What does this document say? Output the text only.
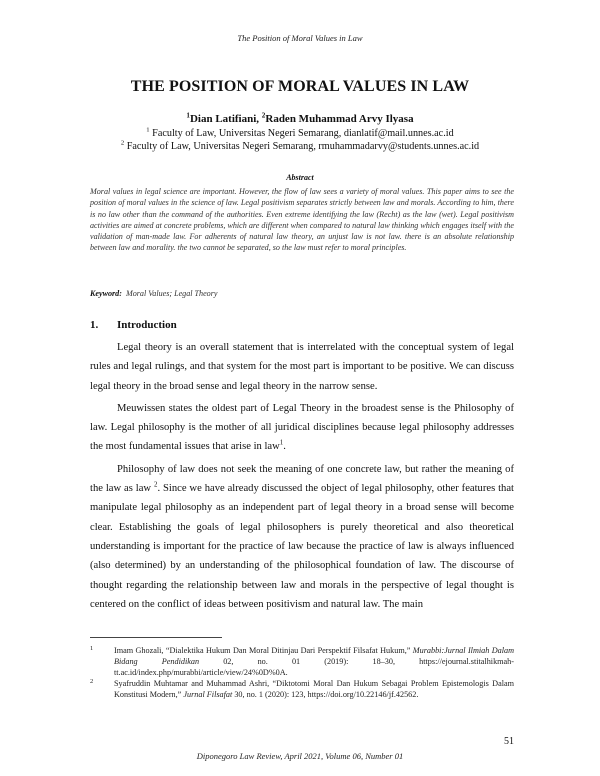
The Position of Moral Values in Law
THE POSITION OF MORAL VALUES IN LAW
$^1$Dian Latifiani, $^2$Raden Muhammad Arvy Ilyasa
$^1$ Faculty of Law, Universitas Negeri Semarang, dianlatif@mail.unnes.ac.id
$^2$ Faculty of Law, Universitas Negeri Semarang, rmuhammadarvy@students.unnes.ac.id
Abstract
Moral values in legal science are important. However, the flow of law sees a variety of moral values. This paper aims to see the position of moral values in the science of law. Legal positivism separates strictly between law and morals. According to him, there is no law other than the command of the authorities. Even extreme identifying the law (Recht) as the law (wet). Legal positivism activities are aimed at concrete problems, which are different when compared to natural law thinking which engages itself with the validation of man-made law. For adherents of natural law theory, an unjust law is not law. there is an absolute relationship between law and morality. the two cannot be separated, so the law must refer to moral principles.
Keyword: Moral Values; Legal Theory
1. Introduction

Legal theory is an overall statement that is interrelated with the conceptual system of legal rules and legal rulings, and that system for the most part is important to be positive. We can discuss legal theory in the broad sense and legal theory in the narrow sense.

Meuwissen states the oldest part of Legal Theory in the broadest sense is the Philosophy of law. Legal philosophy is the mother of all juridical disciplines because legal philosophy addresses the most fundamental issues that arise in law$^1$.

Philosophy of law does not seek the meaning of one concrete law, but rather the meaning of the law as law $^2$. Since we have already discussed the object of legal philosophy, other features that manipulate legal philosophy as an independent part of legal theory in a broad sense will become clear. Establishing the goals of legal philosophers is purely theoretical and also theoretical understanding is important for the practice of law because the practice of law is always influenced (also determined) by an understanding of the philosophical foundation of law. The discourse of thought regarding the relationship between law and morals in the perspective of legal thought is centered on the conflict of ideas between positivism and natural law. The main

1	Imam Ghozali, “Dialektika Hukum Dan Moral Ditinjau Dari Perspektif Filsafat Hukum,” Murabbi:Jurnal Ilmiah Dalam Bidang Pendidikan 02, no. 01 (2019): 18–30, https://ejournal.stitalhikmah-tt.ac.id/index.php/murabbi/article/view/24%0D%0A.
2	Syafruddin Muhtamar and Muhammad Ashri, “Diktotomi Moral Dan Hukum Sebagai Problem Epistemologis Dalam Konstitusi Modern,” Jurnal Filsafat 30, no. 1 (2020): 123, https://doi.org/10.22146/jf.42562.
51
Diponegoro Law Review, April 2021, Volume 06, Number 01
